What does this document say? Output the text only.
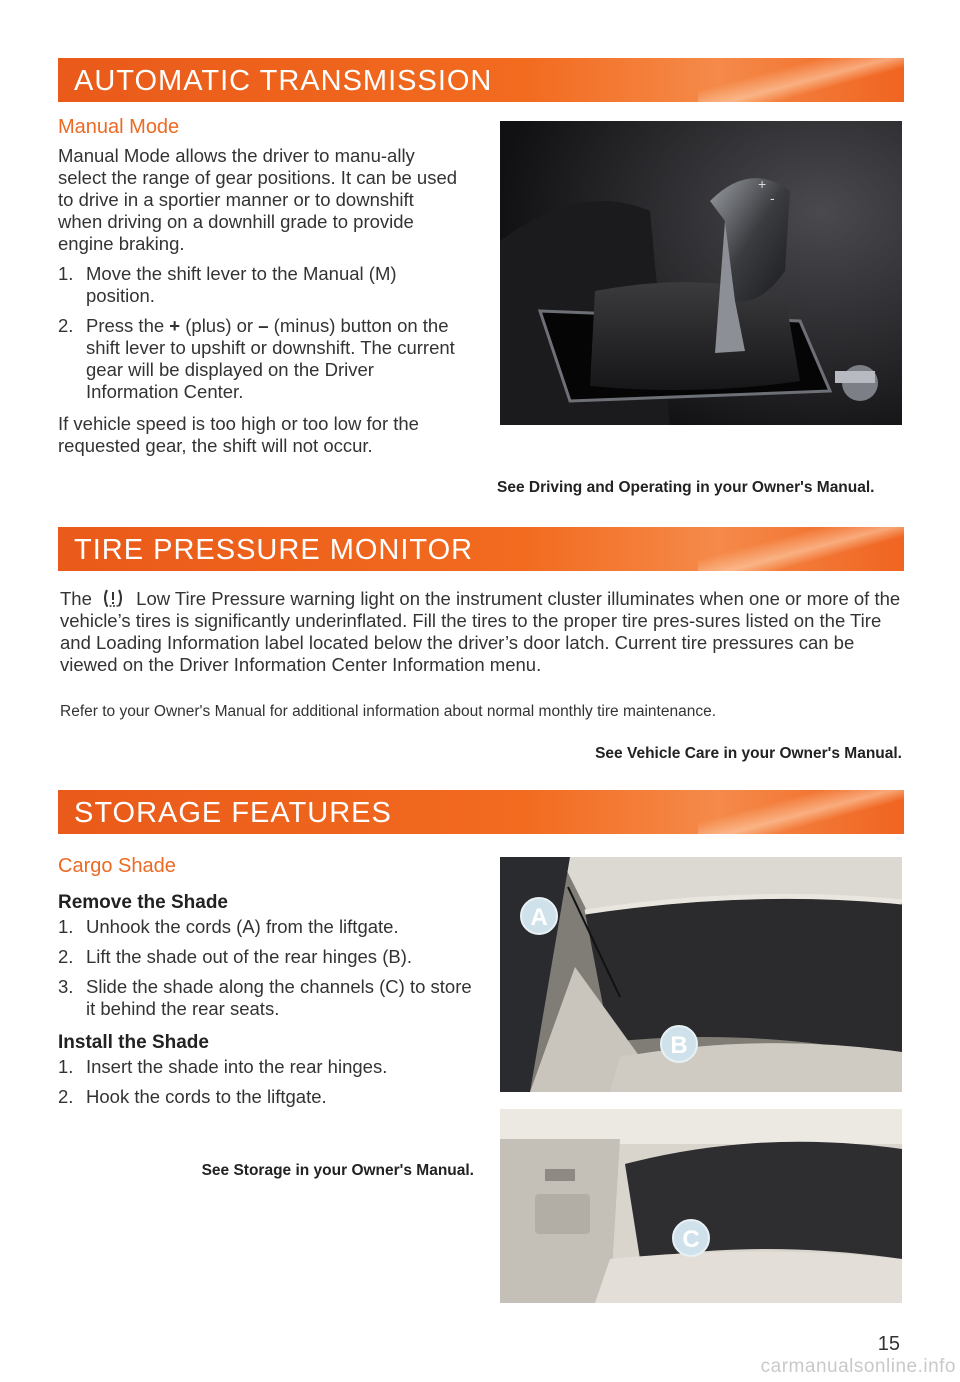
AUTOMATIC TRANSMISSION
Manual Mode
Manual Mode allows the driver to manu-ally select the range of gear positions. It can be used to drive in a sportier manner or to downshift when driving on a downhill grade to provide engine braking.
1. Move the shift lever to the Manual (M) position.
2. Press the + (plus) or – (minus) button on the shift lever to upshift or downshift. The current gear will be displayed on the Driver Information Center.
If vehicle speed is too high or too low for the requested gear, the shift will not occur.
+
-
See Driving and Operating in your Owner's Manual.
TIRE PRESSURE MONITOR
The  Low Tire Pressure warning light on the instrument cluster illuminates when one or more of the vehicle’s tires is significantly underinflated. Fill the tires to the proper tire pres-sures listed on the Tire and Loading Information label located below the driver’s door latch. Current tire pressures can be viewed on the Driver Information Center Information menu.
Refer to your Owner's Manual for additional information about normal monthly tire maintenance.
See Vehicle Care in your Owner's Manual.
STORAGE FEATURES
Cargo Shade
Remove the Shade
1. Unhook the cords (A) from the liftgate.
2. Lift the shade out of the rear hinges (B).
3. Slide the shade along the channels (C) to store it behind the rear seats.
Install the Shade
1. Insert the shade into the rear hinges.
2. Hook the cords to the liftgate.
See Storage in your Owner's Manual.
A
B
C
15
carmanualsonline.info
